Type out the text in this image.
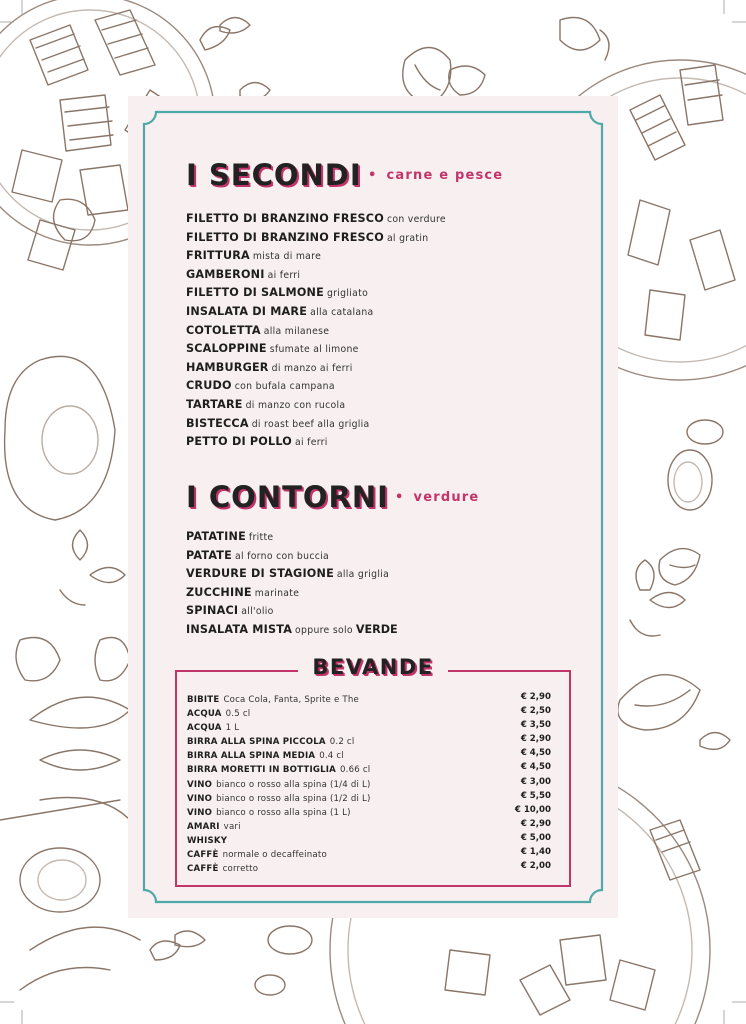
I SECONDI • carne e pesce
FILETTO DI BRANZINO FRESCO con verdure
FILETTO DI BRANZINO FRESCO al gratin
FRITTURA mista di mare
GAMBERONI ai ferri
FILETTO DI SALMONE grigliato
INSALATA DI MARE alla catalana
COTOLETTA alla milanese
SCALOPPINE sfumate al limone
HAMBURGER di manzo ai ferri
CRUDO con bufala campana
TARTARE di manzo con rucola
BISTECCA di roast beef alla griglia
PETTO DI POLLO ai ferri
I CONTORNI • verdure
PATATINE fritte
PATATE al forno con buccia
VERDURE DI STAGIONE alla griglia
ZUCCHINE marinate
SPINACI all'olio
INSALATA MISTA oppure solo VERDE
BEVANDE
BIBITE Coca Cola, Fanta, Sprite e The	€ 2,90
ACQUA 0.5 cl	€ 2,50
ACQUA 1 L	€ 3,50
BIRRA ALLA SPINA PICCOLA 0.2 cl	€ 2,90
BIRRA ALLA SPINA MEDIA 0.4 cl	€ 4,50
BIRRA MORETTI IN BOTTIGLIA 0.66 cl	€ 4,50
VINO bianco o rosso alla spina (1/4 di L)	€ 3,00
VINO bianco o rosso alla spina (1/2 di L)	€ 5,50
VINO bianco o rosso alla spina (1 L)	€ 10,00
AMARI vari	€ 2,90
WHISKY	€ 5,00
CAFFÈ normale o decaffeinato	€ 1,40
CAFFÈ corretto	€ 2,00
